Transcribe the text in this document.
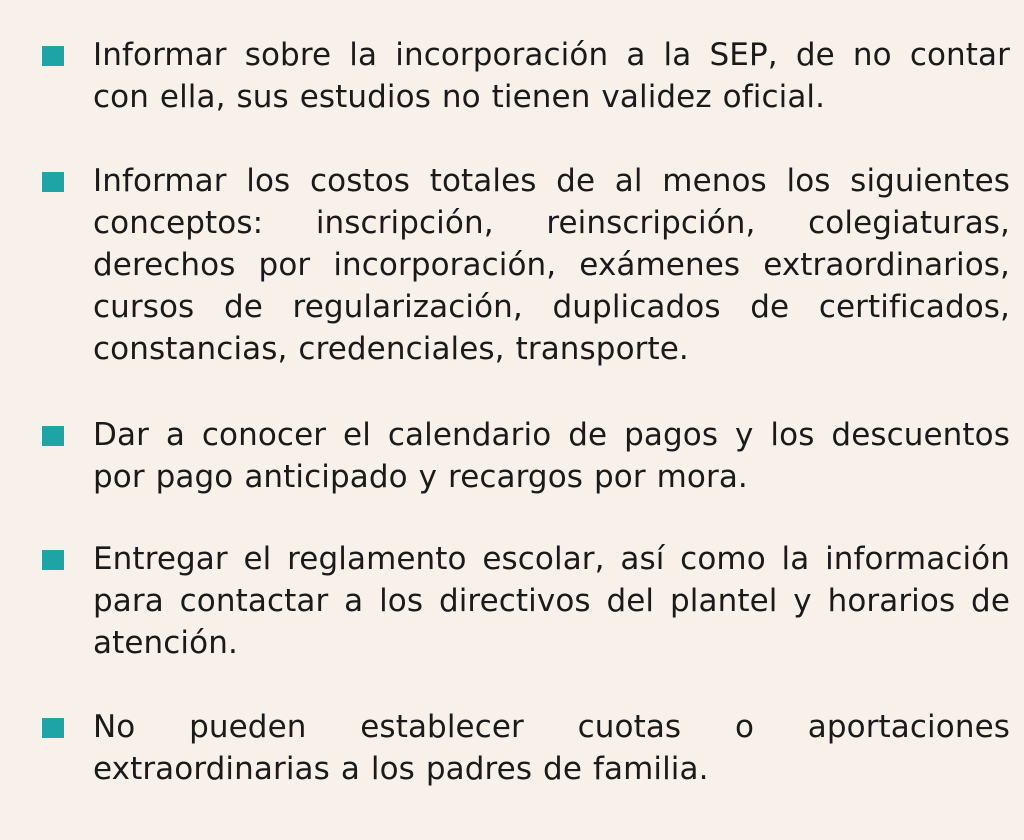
Informar sobre la incorporación a la SEP, de no contar con ella, sus estudios no tienen validez oficial.
Informar los costos totales de al menos los siguientes conceptos: inscripción, reinscripción, colegiaturas, derechos por incorporación, exámenes extraordinarios, cursos de regularización, duplicados de certificados, constancias, credenciales, transporte.
Dar a conocer el calendario de pagos y los descuentos por pago anticipado y recargos por mora.
Entregar el reglamento escolar, así como la información para contactar a los directivos del plantel y horarios de atención.
No pueden establecer cuotas o aportaciones extraordinarias a los padres de familia.
